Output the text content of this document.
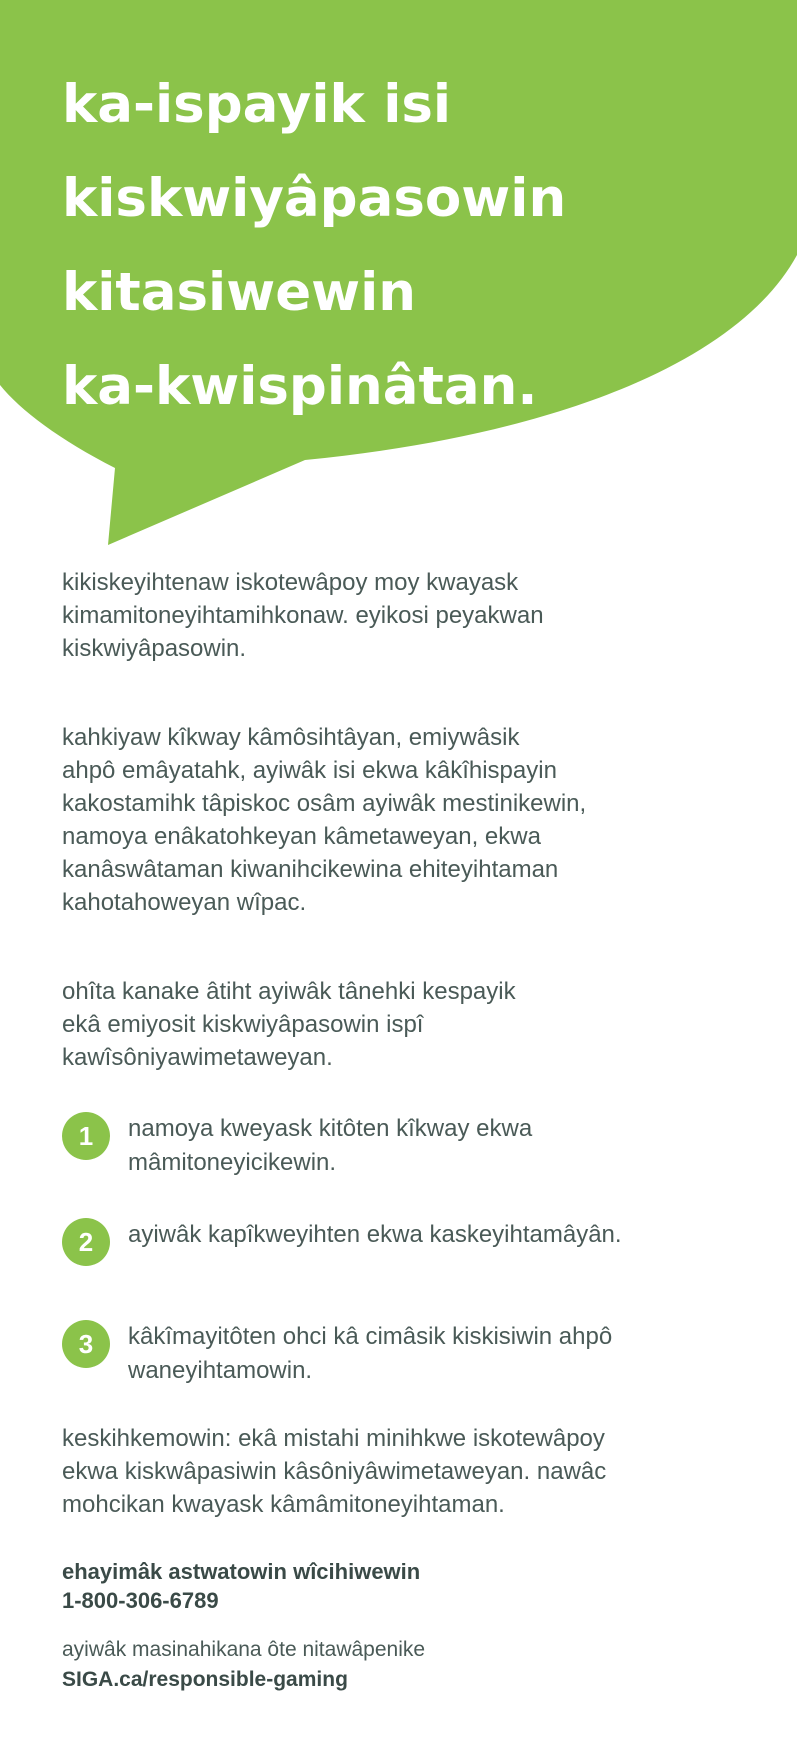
ka-ispayik isi
kiskwiyâpasowin
kitasiwewin
ka-kwispinâtan.

kikiskeyihtenaw iskotewâpoy moy kwayask
kimamitoneyihtamihkonaw. eyikosi peyakwan
kiskwiyâpasowin.

kahkiyaw kîkway kâmôsihtâyan, emiywâsik
ahpô emâyatahk, ayiwâk isi ekwa kâkîhispayin
kakostamihk tâpiskoc osâm ayiwâk mestinikewin,
namoya enâkatohkeyan kâmetaweyan, ekwa
kanâswâtaman kiwanihcikewina ehiteyihtaman
kahotahoweyan wîpac.

ohîta kanake âtiht ayiwâk tânehki kespayik
ekâ emiyosit kiskwiyâpasowin ispî
kawîsôniyawimetaweyan.

1	namoya kweyask kitôten kîkway ekwa
mâmitoneyicikewin.
2	ayiwâk kapîkweyihten ekwa kaskeyihtamâyân.
3	kâkîmayitôten ohci kâ cimâsik kiskisiwin ahpô
waneyihtamowin.

keskihkemowin: ekâ mistahi minihkwe iskotewâpoy
ekwa kiskwâpasiwin kâsôniyâwimetaweyan. nawâc
mohcikan kwayask kâmâmitoneyihtaman.

ehayimâk astwatowin wîcihiwewin
1-800-306-6789
ayiwâk masinahikana ôte nitawâpenike
SIGA.ca/responsible-gaming
